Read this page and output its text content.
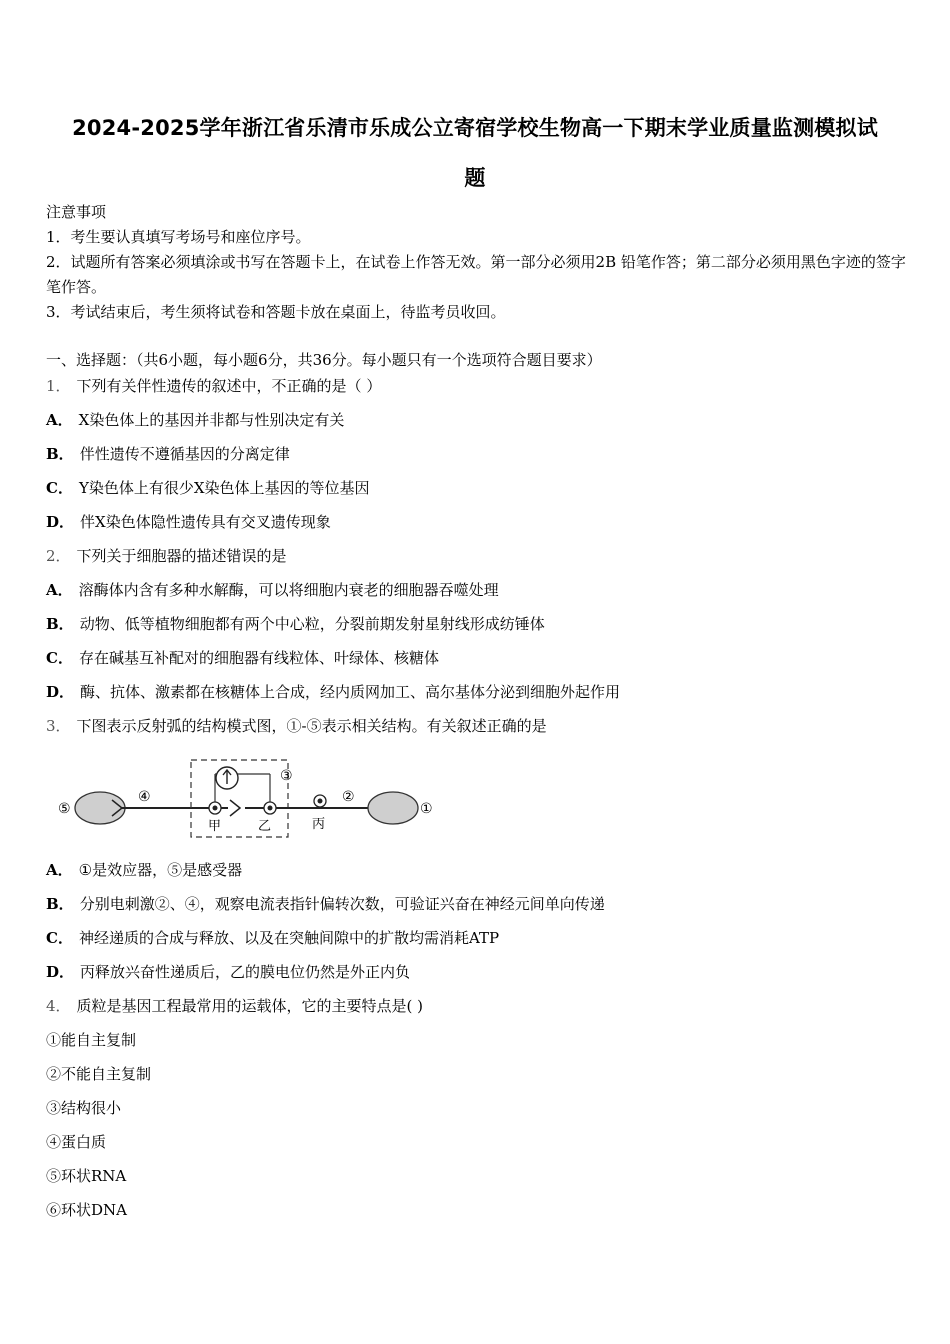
2024-2025学年浙江省乐清市乐成公立寄宿学校生物高一下期末学业质量监测模拟试
题
注意事项
1．考生要认真填写考场号和座位序号。
2．试题所有答案必须填涂或书写在答题卡上，在试卷上作答无效。第一部分必须用2B 铅笔作答；第二部分必须用黑色字迹的签字笔作答。
3．考试结束后，考生须将试卷和答题卡放在桌面上，待监考员收回。
一、选择题：（共6小题，每小题6分，共36分。每小题只有一个选项符合题目要求）
1． 下列有关伴性遗传的叙述中，不正确的是（ ）
A． X染色体上的基因并非都与性别决定有关
B． 伴性遗传不遵循基因的分离定律
C． Y染色体上有很少X染色体上基因的等位基因
D． 伴X染色体隐性遗传具有交叉遗传现象
2． 下列关于细胞器的描述错误的是
A． 溶酶体内含有多种水解酶，可以将细胞内衰老的细胞器吞噬处理
B． 动物、低等植物细胞都有两个中心粒，分裂前期发射星射线形成纺锤体
C． 存在碱基互补配对的细胞器有线粒体、叶绿体、核糖体
D． 酶、抗体、激素都在核糖体上合成，经内质网加工、高尔基体分泌到细胞外起作用
3． 下图表示反射弧的结构模式图，①-⑤表示相关结构。有关叙述正确的是
⑤
④
甲	乙
③
丙
②
①
A． ①是效应器，⑤是感受器
B． 分别电刺激②、④，观察电流表指针偏转次数，可验证兴奋在神经元间单向传递
C． 神经递质的合成与释放、以及在突触间隙中的扩散均需消耗ATP
D． 丙释放兴奋性递质后，乙的膜电位仍然是外正内负
4． 质粒是基因工程最常用的运载体，它的主要特点是( )
①能自主复制
②不能自主复制
③结构很小
④蛋白质
⑤环状RNA
⑥环状DNA
